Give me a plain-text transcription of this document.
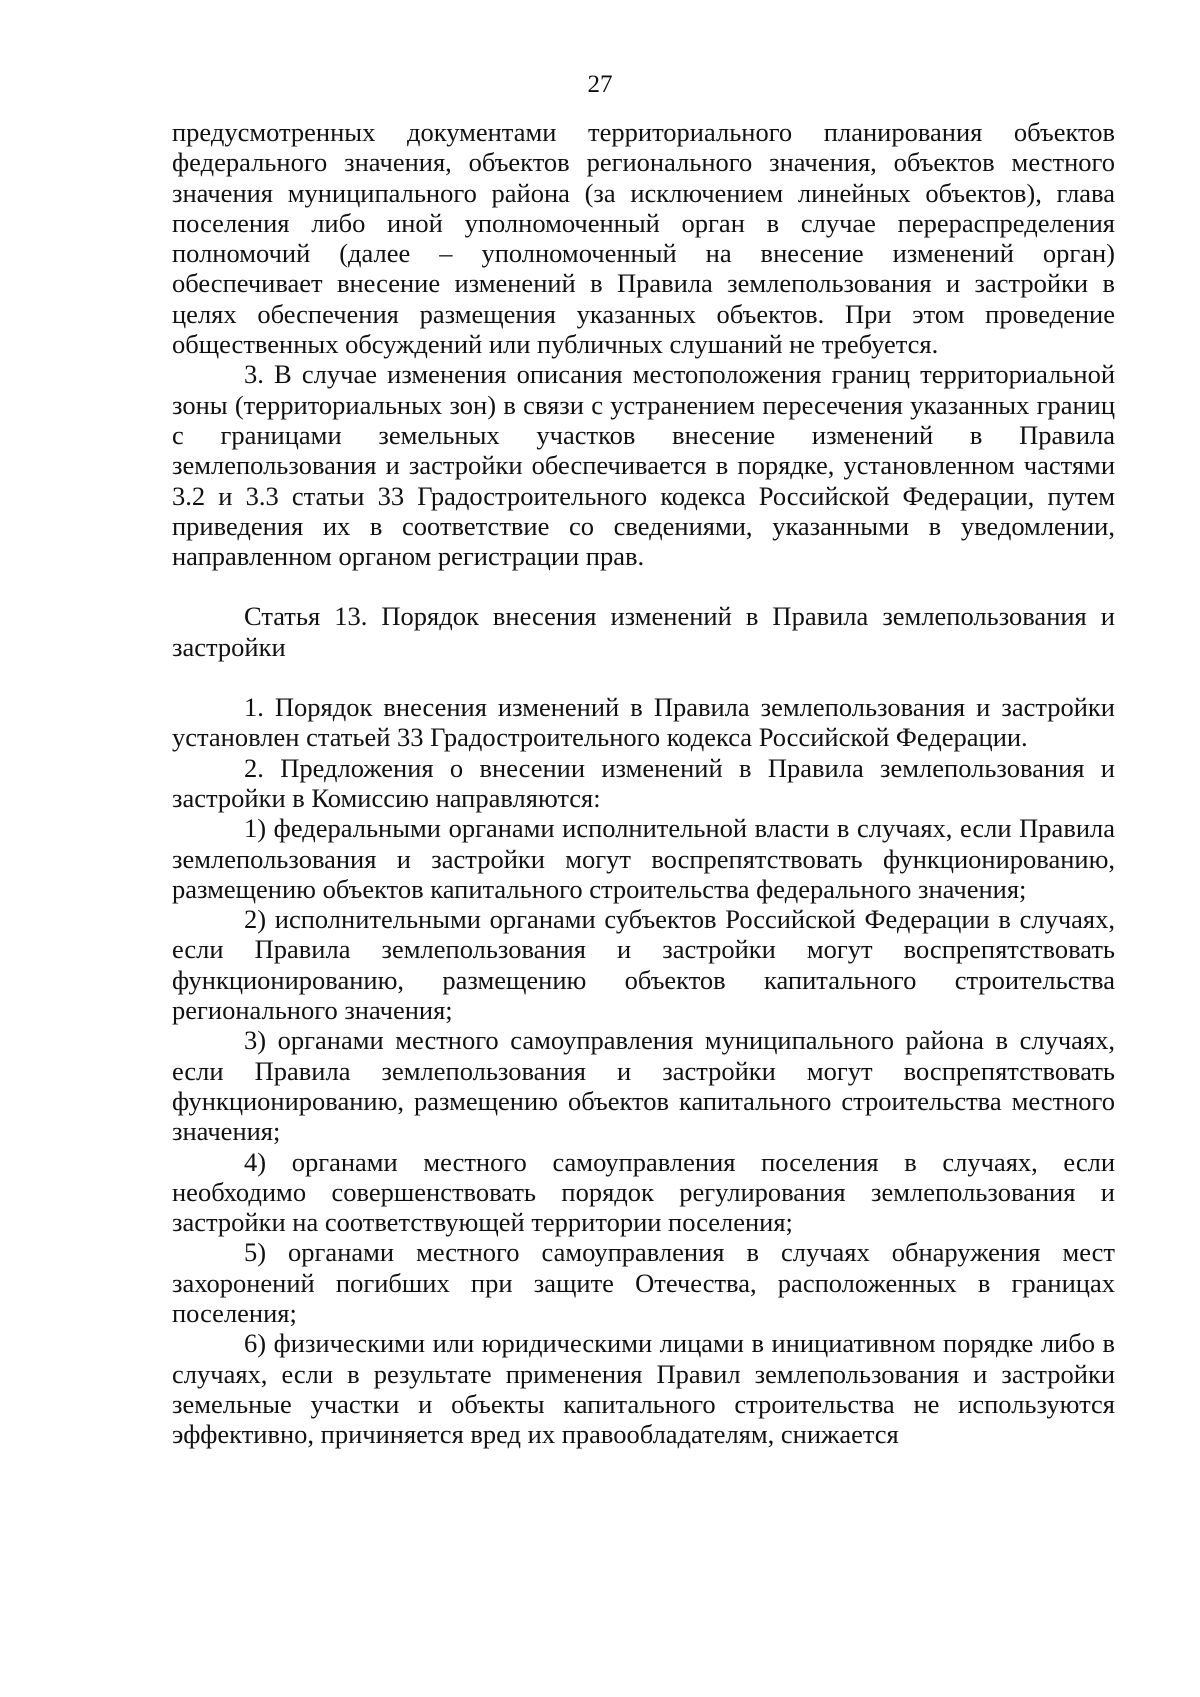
27

предусмотренных документами территориального планирования объектов федерального значения, объектов регионального значения, объектов местного значения муниципального района (за исключением линейных объектов), глава поселения либо иной уполномоченный орган в случае перераспределения полномочий (далее – уполномоченный на внесение изменений орган) обеспечивает внесение изменений в Правила землепользования и застройки в целях обеспечения размещения указанных объектов. При этом проведение общественных обсуждений или публичных слушаний не требуется.

3. В случае изменения описания местоположения границ территориальной зоны (территориальных зон) в связи с устранением пересечения указанных границ с границами земельных участков внесение изменений в Правила землепользования и застройки обеспечивается в порядке, установленном частями 3.2 и 3.3 статьи 33 Градостроительного кодекса Российской Федерации, путем приведения их в соответствие со сведениями, указанными в уведомлении, направленном органом регистрации прав.

Статья 13. Порядок внесения изменений в Правила землепользования и застройки

1. Порядок внесения изменений в Правила землепользования и застройки установлен статьей 33 Градостроительного кодекса Российской Федерации.

2. Предложения о внесении изменений в Правила землепользования и застройки в Комиссию направляются:

1) федеральными органами исполнительной власти в случаях, если Правила землепользования и застройки могут воспрепятствовать функционированию, размещению объектов капитального строительства федерального значения;

2) исполнительными органами субъектов Российской Федерации в случаях, если Правила землепользования и застройки могут воспрепятствовать функционированию, размещению объектов капитального строительства регионального значения;

3) органами местного самоуправления муниципального района в случаях, если Правила землепользования и застройки могут воспрепятствовать функционированию, размещению объектов капитального строительства местного значения;

4) органами местного самоуправления поселения в случаях, если необходимо совершенствовать порядок регулирования землепользования и застройки на соответствующей территории поселения;

5) органами местного самоуправления в случаях обнаружения мест захоронений погибших при защите Отечества, расположенных в границах поселения;

6) физическими или юридическими лицами в инициативном порядке либо в случаях, если в результате применения Правил землепользования и застройки земельные участки и объекты капитального строительства не используются эффективно, причиняется вред их правообладателям, снижается
